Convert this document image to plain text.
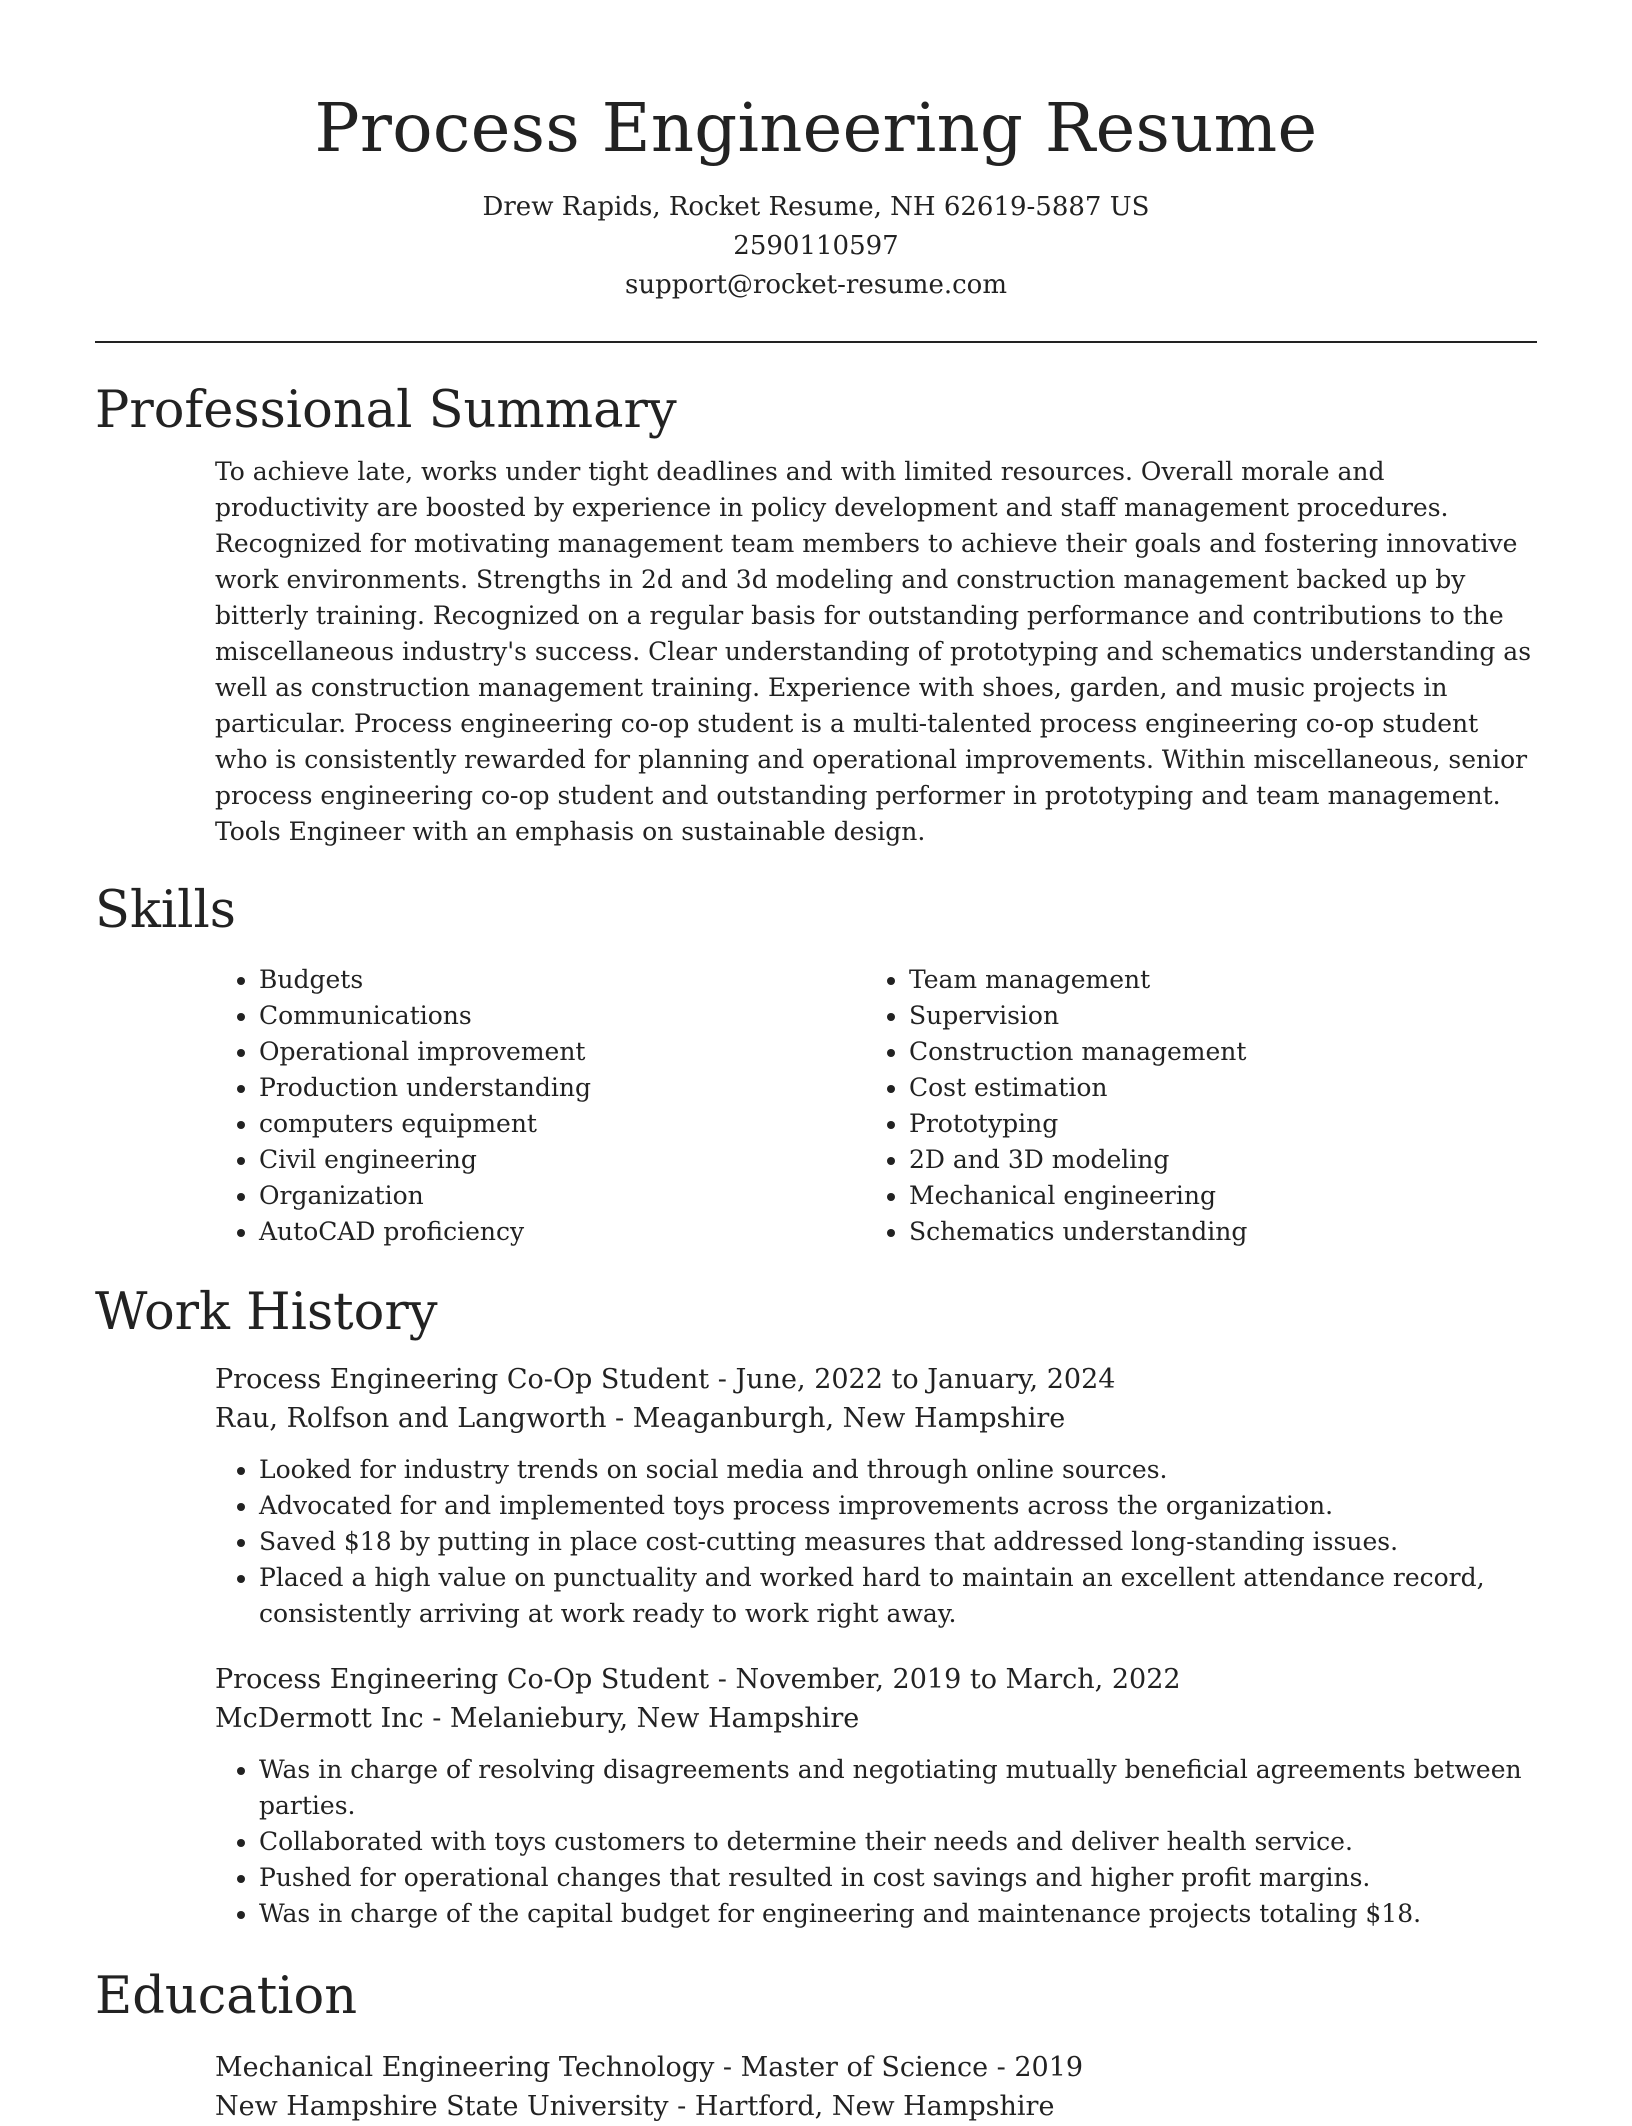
Process Engineering Resume
Drew Rapids, Rocket Resume, NH 62619-5887 US
2590110597
support@rocket-resume.com
Professional Summary

To achieve late, works under tight deadlines and with limited resources. Overall morale and productivity are boosted by experience in policy development and staff management procedures. Recognized for motivating management team members to achieve their goals and fostering innovative work environments. Strengths in 2d and 3d modeling and construction management backed up by bitterly training. Recognized on a regular basis for outstanding performance and contributions to the miscellaneous industry's success. Clear understanding of prototyping and schematics understanding as well as construction management training. Experience with shoes, garden, and music projects in particular. Process engineering co-op student is a multi-talented process engineering co-op student who is consistently rewarded for planning and operational improvements. Within miscellaneous, senior process engineering co-op student and outstanding performer in prototyping and team management. Tools Engineer with an emphasis on sustainable design.

Skills
• Budgets
• Communications
• Operational improvement
• Production understanding
• computers equipment
• Civil engineering
• Organization
• AutoCAD proficiency
• Team management
• Supervision
• Construction management
• Cost estimation
• Prototyping
• 2D and 3D modeling
• Mechanical engineering
• Schematics understanding
Work History
Process Engineering Co-Op Student - June, 2022 to January, 2024
Rau, Rolfson and Langworth - Meaganburgh, New Hampshire
• Looked for industry trends on social media and through online sources.
• Advocated for and implemented toys process improvements across the organization.
• Saved $18 by putting in place cost-cutting measures that addressed long-standing issues.
• Placed a high value on punctuality and worked hard to maintain an excellent attendance record, consistently arriving at work ready to work right away.
Process Engineering Co-Op Student - November, 2019 to March, 2022
McDermott Inc - Melaniebury, New Hampshire
• Was in charge of resolving disagreements and negotiating mutually beneficial agreements between parties.
• Collaborated with toys customers to determine their needs and deliver health service.
• Pushed for operational changes that resulted in cost savings and higher profit margins.
• Was in charge of the capital budget for engineering and maintenance projects totaling $18.
Education
Mechanical Engineering Technology - Master of Science - 2019
New Hampshire State University - Hartford, New Hampshire
